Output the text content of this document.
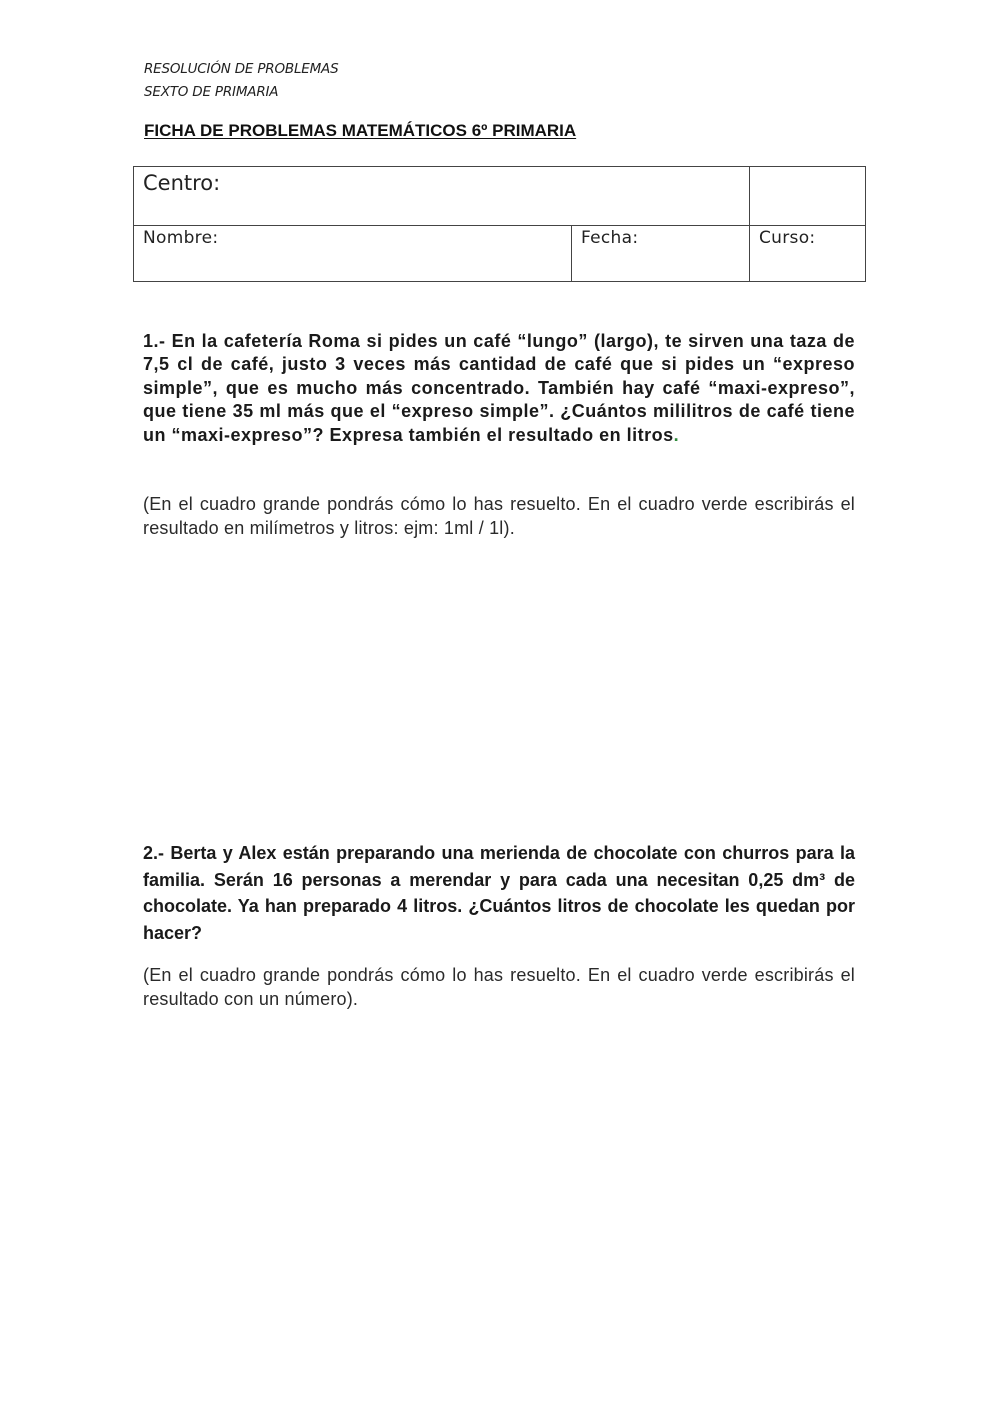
RESOLUCIÓN DE PROBLEMAS
SEXTO DE PRIMARIA
FICHA DE PROBLEMAS MATEMÁTICOS 6º PRIMARIA
Centro:		

Nombre:	Fecha:	Curso:

1.- En la cafetería Roma si pides un café “lungo” (largo), te sirven una taza de 7,5 cl de café, justo 3 veces más cantidad de café que si pides un “expreso simple”, que es mucho más concentrado. También hay café “maxi-expreso”, que tiene 35 ml más que el “expreso simple”. ¿Cuántos mililitros de café tiene un “maxi-expreso”? Expresa también el resultado en litros.

(En el cuadro grande pondrás cómo lo has resuelto. En el cuadro verde escribirás el resultado en milímetros y litros: ejm: 1ml / 1l).

2.- Berta y Alex están preparando una merienda de chocolate con churros para la familia. Serán 16 personas a merendar y para cada una necesitan 0,25 dm³ de chocolate. Ya han preparado 4 litros. ¿Cuántos litros de chocolate les quedan por hacer?

(En el cuadro grande pondrás cómo lo has resuelto. En el cuadro verde escribirás el resultado con un número).
